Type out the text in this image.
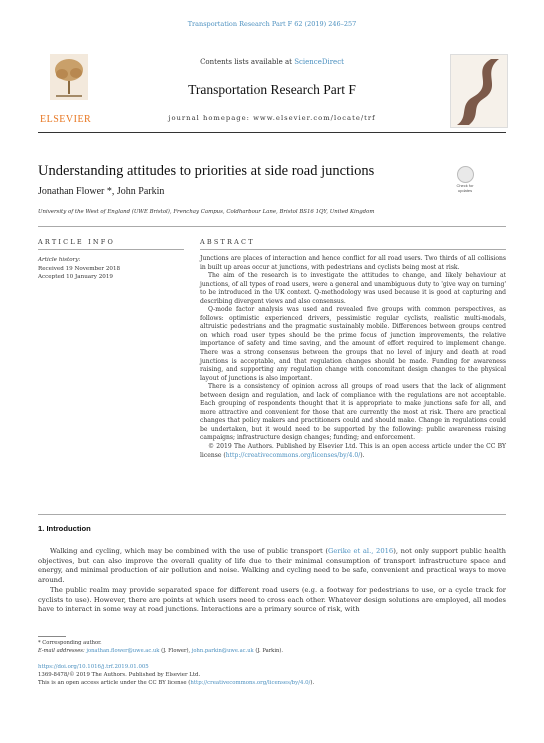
Transportation Research Part F 62 (2019) 246–257
ELSEVIER
Contents lists available at ScienceDirect
Transportation Research Part F
journal homepage: www.elsevier.com/locate/trf
Understanding attitudes to priorities at side road junctions
Check for updates
Jonathan Flower *, John Parkin
University of the West of England (UWE Bristol), Frenchay Campus, Coldharbour Lane, Bristol BS16 1QY, United Kingdom
ARTICLE INFO	ABSTRACT
Article history:
Received 19 November 2018
Accepted 10 January 2019

Junctions are places of interaction and hence conflict for all road users. Two thirds of all collisions in built up areas occur at junctions, with pedestrians and cyclists being most at risk.

The aim of the research is to investigate the attitudes to change, and likely behaviour at junctions, of all types of road users, were a general and unambiguous duty to 'give way on turning' to be introduced in the UK context. Q-methodology was used because it is good at capturing and describing divergent views and also consensus.

Q-mode factor analysis was used and revealed five groups with common perspectives, as follows: optimistic experienced drivers, pessimistic regular cyclists, realistic multi-modals, altruistic pedestrians and the pragmatic sustainably mobile. Differences between groups centred on which road user types should be the prime focus of junction improvements, the relative importance of safety and time saving, and the amount of effort required to implement change. There was a strong consensus between the groups that no level of injury and death at road junctions is acceptable, and that regulation changes should be made. Funding for awareness raising, and supporting any regulation change with concomitant design changes to the physical layout of junctions is also important.

There is a consistency of opinion across all groups of road users that the lack of alignment between design and regulation, and lack of compliance with the regulations are not acceptable. Each grouping of respondents thought that it is appropriate to make junctions safe for all, and more attractive and convenient for those that are currently the most at risk. There are practical changes that policy makers and practitioners could and should make. Change in regulations could be undertaken, but it would need to be supported by the following: public awareness raising campaigns; infrastructure design changes; funding; and enforcement.

© 2019 The Authors. Published by Elsevier Ltd. This is an open access article under the CC BY license (http://creativecommons.org/licenses/by/4.0/).

1. Introduction

Walking and cycling, which may be combined with the use of public transport (Gerike et al., 2016), not only support public health objectives, but can also improve the overall quality of life due to their minimal consumption of transport infrastructure space and energy, and minimal production of air pollution and noise. Walking and cycling need to be safe, convenient and practical ways to move around.

The public realm may provide separated space for different road users (e.g. a footway for pedestrians to use, or a cycle track for cyclists to use). However, there are points at which users need to cross each other. Whatever design solutions are employed, all modes have to interact in some way at road junctions. Interactions are a primary source of risk, with

* Corresponding author.
E-mail addresses: jonathan.flower@uwe.ac.uk (J. Flower), john.parkin@uwe.ac.uk (J. Parkin).
https://doi.org/10.1016/j.trf.2019.01.005
1369-8478/© 2019 The Authors. Published by Elsevier Ltd.
This is an open access article under the CC BY license (http://creativecommons.org/licenses/by/4.0/).
